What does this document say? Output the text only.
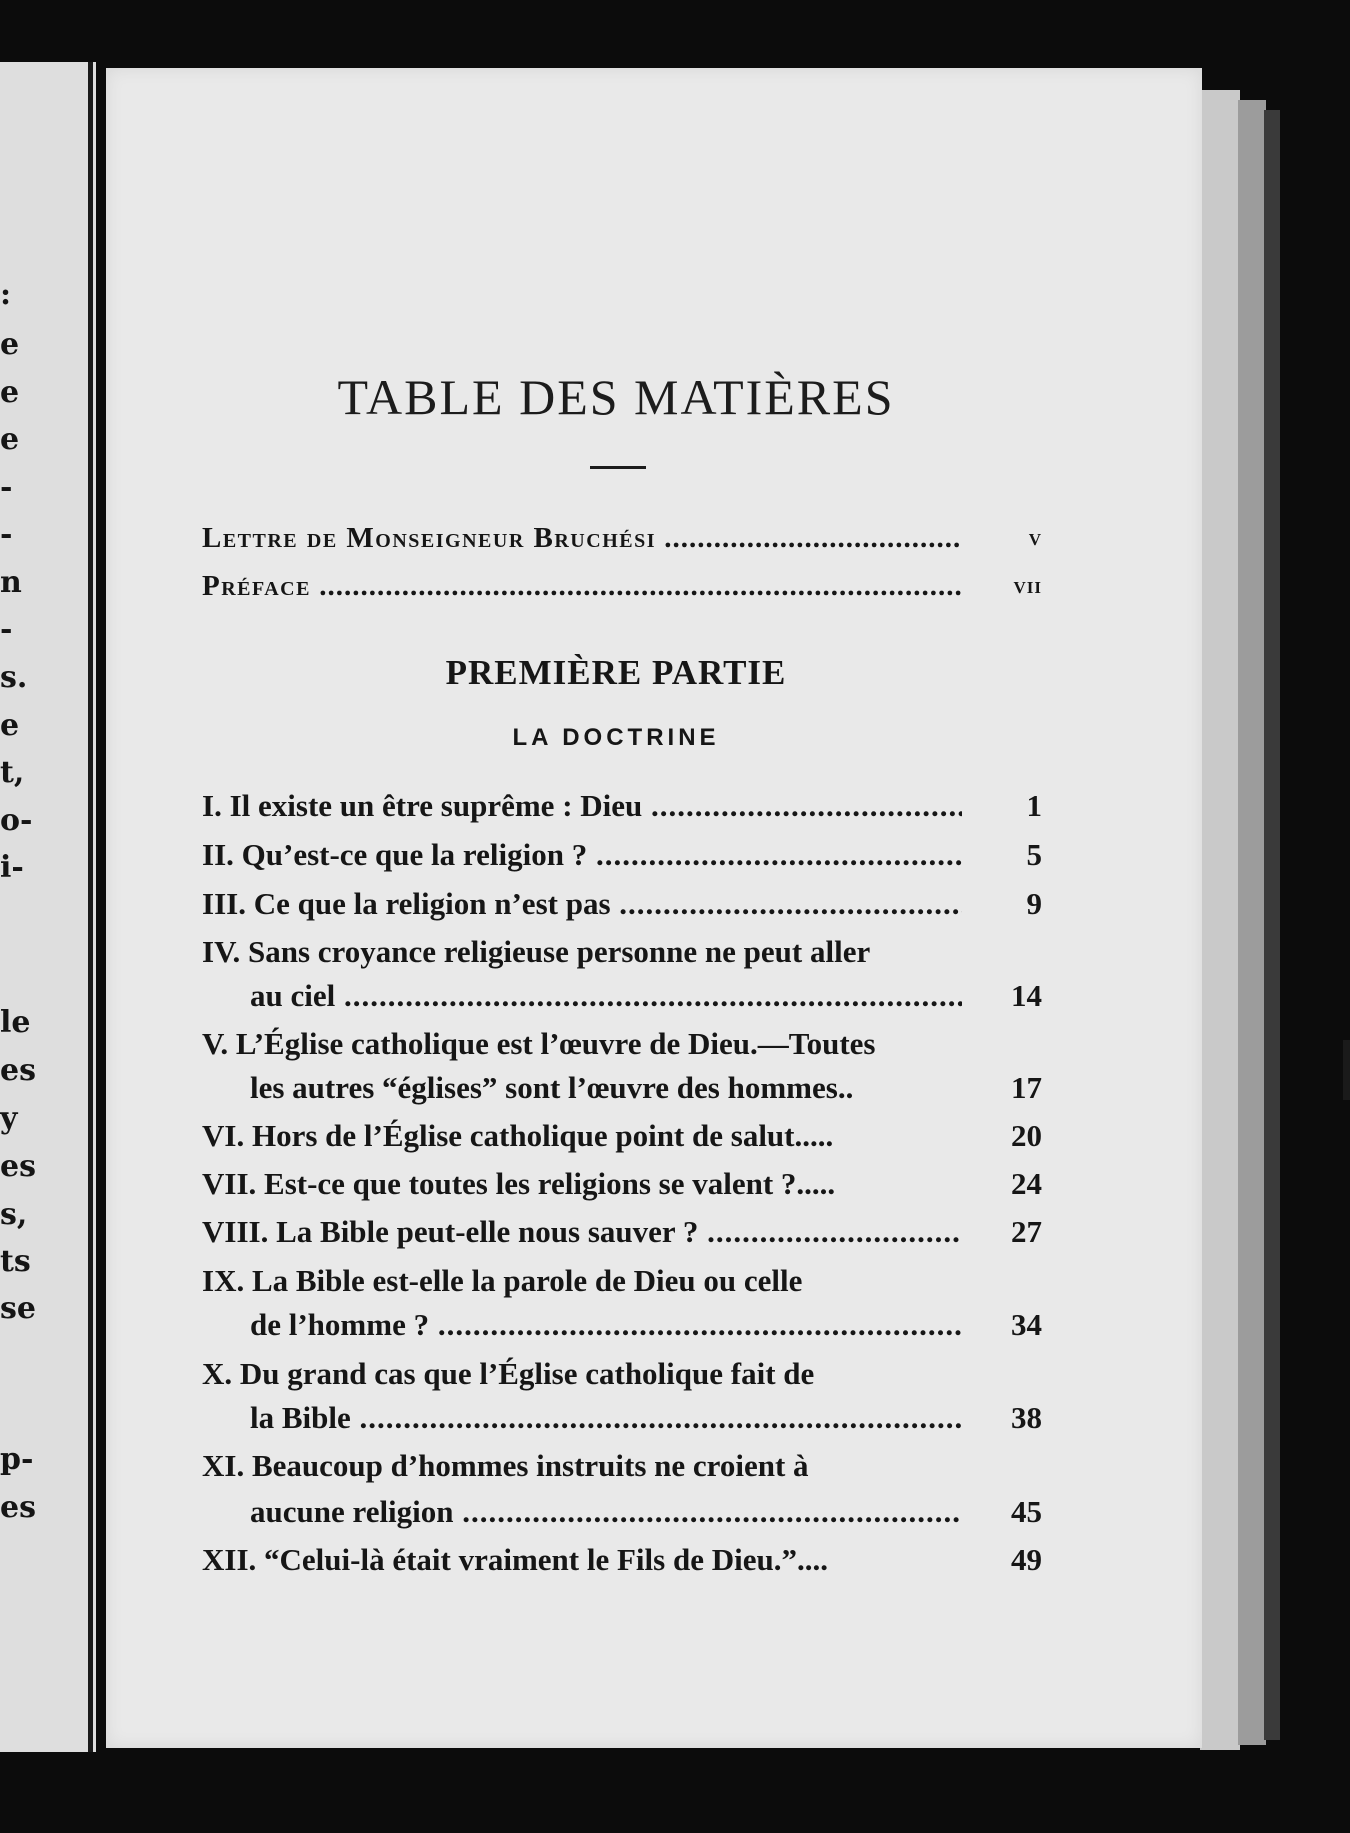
:
e
e
e
-
-
n
-
s.
e
t,
o-
i-
le
es
y
es
s,
ts
se
p-
es
TABLE DES MATIÈRES
Lettre de Monseigneur Bruchési .....	v
Préface .....	vii
PREMIÈRE PARTIE
LA DOCTRINE
I. Il existe un être suprême : Dieu .....	1
II. Qu’est-ce que la religion ? .....	5
III. Ce que la religion n’est pas .....	9
IV. Sans croyance religieuse personne ne peut aller
au ciel .....	14
V. L’Église catholique est l’œuvre de Dieu.—Toutes
les autres “églises” sont l’œuvre des hommes..	17
VI. Hors de l’Église catholique point de salut.....	20
VII. Est-ce que toutes les religions se valent ?.....	24
VIII. La Bible peut-elle nous sauver ? .....	27
IX. La Bible est-elle la parole de Dieu ou celle
de l’homme ? .....	34
X. Du grand cas que l’Église catholique fait de
la Bible .....	38
XI. Beaucoup d’hommes instruits ne croient à
aucune religion .....	45
XII. “Celui-là était vraiment le Fils de Dieu.”....	49
